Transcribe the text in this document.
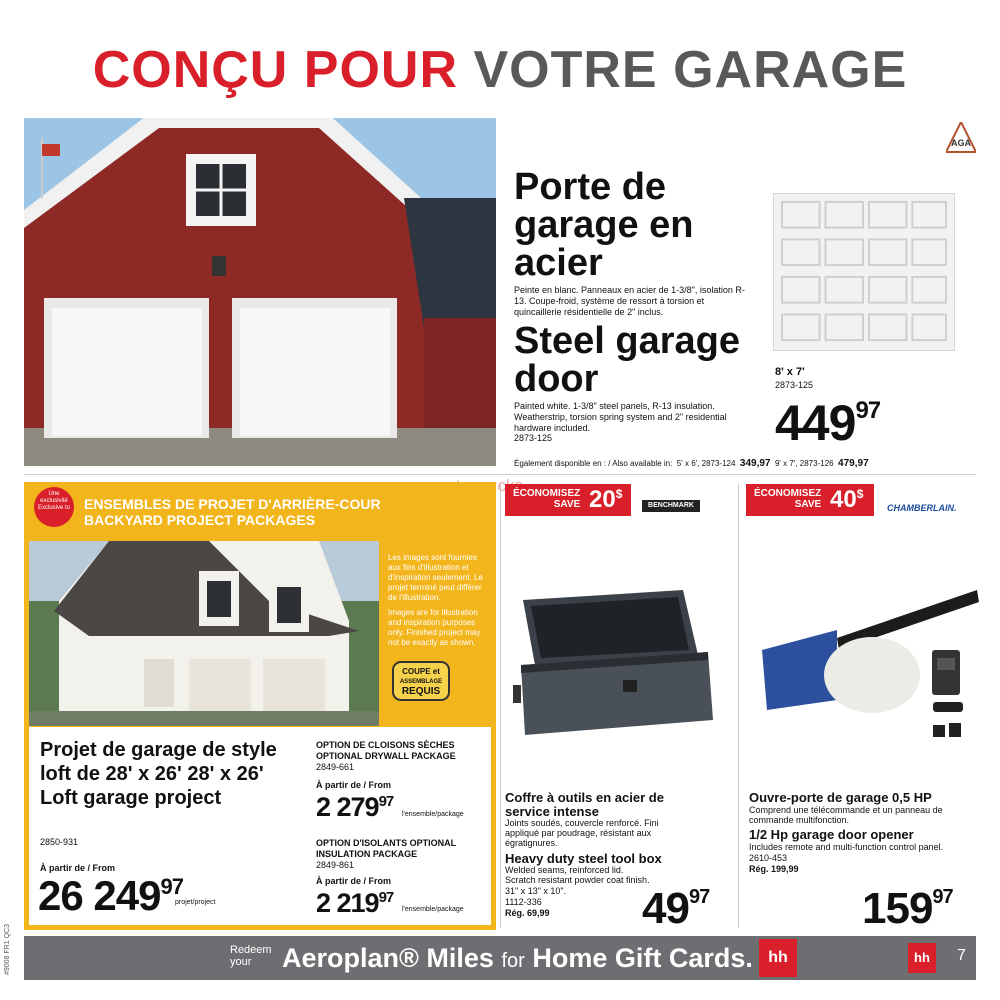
CONÇU POUR VOTRE GARAGE
AGA
Porte de garage en acier
Peinte en blanc. Panneaux en acier de 1-3/8", isolation R-13. Coupe-froid, système de ressort à torsion et quincaillerie résidentielle de 2" inclus.
Steel garage door
Painted white. 1-3/8" steel panels, R-13 insulation. Weatherstrip, torsion spring system and 2" residential hardware included.
2873-125
8' x 7'
2873-125
$449^{97}$
Également disponible en : / Also available in: 5' x 6', 2873-124 349,97 9' x 7', 2873-126 479,97
Une exclusivité Exclusive to ENSEMBLES DE PROJET D'ARRIÈRE-COUR
BACKYARD PROJECT PACKAGES

Les images sont fournies aux fins d'illustration et d'inspiration seulement. Le projet terminé peut différer de l'illustration.

Images are for illustration and inspiration purposes only. Finished project may not be exactly as shown.

COUPE et
ASSEMBLAGE
REQUIS
Projet de garage de style loft de 28' x 26' 28' x 26' Loft garage project
2850-931
À partir de / From
26 $249^{97}$
projet/project
OPTION DE CLOISONS SÈCHES OPTIONAL DRYWALL PACKAGE
2849-661
À partir de / From
2 $279^{97}$
l'ensemble/package
OPTION D'ISOLANTS OPTIONAL INSULATION PACKAGE
2849-861
À partir de / From
2 $219^{97}$
l'ensemble/package
ÉCONOMISEZ
SAVE 20$
BENCHMARK
Coffre à outils en acier de service intense
Joints soudés, couvercle renforcé. Fini appliqué par poudrage, résistant aux égratignures.
Heavy duty steel tool box
Welded seams, reinforced lid. Scratch resistant powder coat finish.
31" x 13" x 10".
1112-336
Rég. 69,99 $49^{97}$
ÉCONOMISEZ
SAVE 40$
CHAMBERLAIN.
Ouvre-porte de garage 0,5 HP
Comprend une télécommande et un panneau de commande multifonction.
1/2 Hp garage door opener
Includes remote and multi-function control panel.
2610-453
Rég. 199,99
$159^{97}$
Redeem your	Aeroplan® Miles for Home Gift Cards. hh	hh	7
#9008 FR1 QC3
